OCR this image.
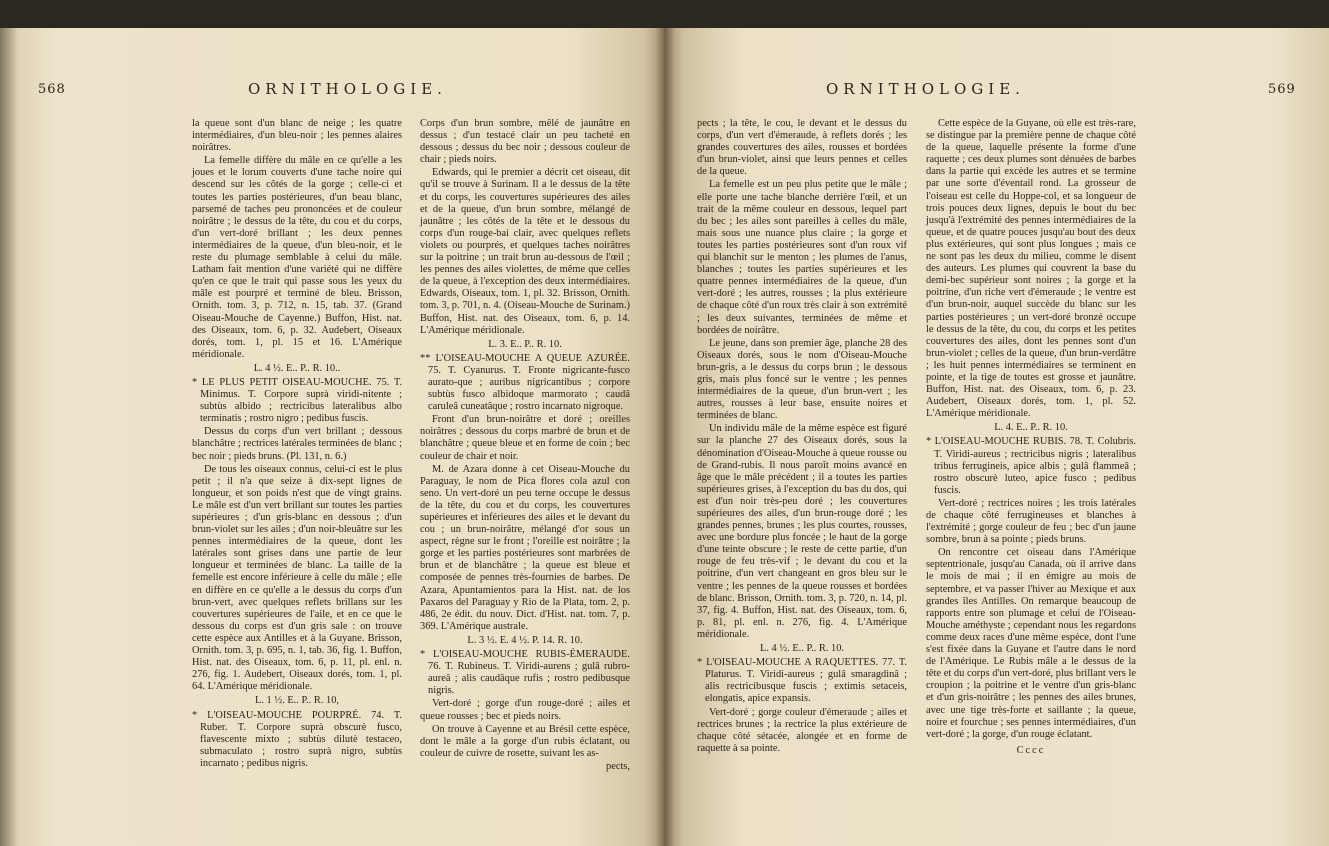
568	ORNITHOLOGIE.

la queue sont d'un blanc de neige ; les quatre intermédiaires, d'un bleu-noir ; les pennes alaires noirâtres.

La femelle diffère du mâle en ce qu'elle a les joues et le lorum couverts d'une tache noire qui descend sur les côtés de la gorge ; celle-ci et toutes les parties postérieures, d'un beau blanc, parsemé de taches peu prononcées et de couleur noirâtre ; le dessus de la tête, du cou et du corps, d'un vert-doré brillant ; les deux pennes intermédiaires de la queue, d'un bleu-noir, et le reste du plumage semblable à celui du mâle. Latham fait mention d'une variété qui ne diffère qu'en ce que le trait qui passe sous les yeux du mâle est pourpré et terminé de bleu. Brisson, Ornith. tom. 3, p. 712, n. 15, tab. 37. (Grand Oiseau-Mouche de Cayenne.) Buffon, Hist. nat. des Oiseaux, tom. 6, p. 32. Audebert, Oiseaux dorés, tom. 1, pl. 15 et 16. L'Amérique méridionale.

L. 4 ½. E.. P.. R. 10..

* LE PLUS PETIT OISEAU-MOUCHE. 75. T. Minimus. T. Corpore suprà viridi-nitente ; subtùs albido ; rectricibus lateralibus albo terminatis ; rostro nigro ; pedibus fuscis.

Dessus du corps d'un vert brillant ; dessous blanchâtre ; rectrices latérales terminées de blanc ; bec noir ; pieds bruns. (Pl. 131, n. 6.)

De tous les oiseaux connus, celui-ci est le plus petit ; il n'a que seize à dix-sept lignes de longueur, et son poids n'est que de vingt grains. Le mâle est d'un vert brillant sur toutes les parties supérieures ; d'un gris-blanc en dessous ; d'un brun-violet sur les ailes ; d'un noir-bleuâtre sur les pennes intermédiaires de la queue, dont les latérales sont grises dans une partie de leur longueur et terminées de blanc. La taille de la femelle est encore inférieure à celle du mâle ; elle en diffère en ce qu'elle a le dessus du corps d'un brun-vert, avec quelques reflets brillans sur les couvertures supérieures de l'aile, et en ce que le dessous du corps est d'un gris sale : on trouve cette espèce aux Antilles et à la Guyane. Brisson, Ornith. tom. 3, p. 695, n. 1, tab. 36, fig. 1. Buffon, Hist. nat. des Oiseaux, tom. 6, p. 11, pl. enl. n. 276, fig. 1. Audebert, Oiseaux dorés, tom. 1, pl. 64. L'Amérique méridionale.

L. 1 ½. E.. P.. R. 10,

* L'OISEAU-MOUCHE POURPRÉ. 74. T. Ruber. T. Corpore suprà obscurè fusco, flavescente mixto ; subtùs dilutè testaceo, submaculato ; rostro suprà nigro, subtùs incarnato ; pedibus nigris.

Corps d'un brun sombre, mêlé de jaunâtre en dessus ; d'un testacé clair un peu tacheté en dessous ; dessus du bec noir ; dessous couleur de chair ; pieds noirs.

Edwards, qui le premier a décrit cet oiseau, dit qu'il se trouve à Surinam. Il a le dessus de la tête et du corps, les couvertures supérieures des ailes et de la queue, d'un brun sombre, mélangé de jaunâtre ; les côtés de la tête et le dessous du corps d'un rouge-bai clair, avec quelques reflets violets ou pourprés, et quelques taches noirâtres sur la poitrine ; un trait brun au-dessous de l'œil ; les pennes des ailes violettes, de même que celles de la queue, à l'exception des deux intermédiaires. Edwards, Oiseaux, tom. 1, pl. 32. Brisson, Ornith. tom. 3, p. 701, n. 4. (Oiseau-Mouche de Surinam.) Buffon, Hist. nat. des Oiseaux, tom. 6, p. 14. L'Amérique méridionale.

L. 3. E.. P.. R. 10.

** L'OISEAU-MOUCHE A QUEUE AZURÉE. 75. T. Cyanurus. T. Fronte nigricante-fusco aurato-que ; auribus nigricantibus ; corpore subtùs fusco albidoque marmorato ; caudâ caruleâ cuneatâque ; rostro incarnato nigroque.

Front d'un brun-noirâtre et doré ; oreilles noirâtres ; dessous du corps marbré de brun et de blanchâtre ; queue bleue et en forme de coin ; bec couleur de chair et noir.

M. de Azara donne à cet Oiseau-Mouche du Paraguay, le nom de Pica flores cola azul con seno. Un vert-doré un peu terne occupe le dessus de la tête, du cou et du corps, les couvertures supérieures et inférieures des ailes et le devant du cou ; un brun-noirâtre, mélangé d'or sous un aspect, règne sur le front ; l'oreille est noirâtre ; la gorge et les parties postérieures sont marbrées de brun et de blanchâtre ; la queue est bleue et composée de pennes très-fournies de barbes. De Azara, Apuntamientos para la Hist. nat. de los Paxaros del Paraguay y Rio de la Plata, tom. 2, p. 486, 2e édit. du nouv. Dict. d'Hist. nat. tom. 7, p. 369. L'Amérique australe.

L. 3 ½. E. 4 ½. P. 14. R. 10.

* L'OISEAU-MOUCHE RUBIS-ÉMERAUDE. 76. T. Rubineus. T. Viridi-aurens ; gulâ rubro-aureâ ; alis caudâque rufis ; rostro pedibusque nigris.

Vert-doré ; gorge d'un rouge-doré ; ailes et queue rousses ; bec et pieds noirs.

On trouve à Cayenne et au Brésil cette espèce, dont le mâle a la gorge d'un rubis éclatant, ou couleur de cuivre de rosette, suivant les as-

pects,

ORNITHOLOGIE.	569

pects ; la tête, le cou, le devant et le dessus du corps, d'un vert d'émeraude, à reflets dorés ; les grandes couvertures des ailes, rousses et bordées d'un brun-violet, ainsi que leurs pennes et celles de la queue.

La femelle est un peu plus petite que le mâle ; elle porte une tache blanche derrière l'œil, et un trait de la même couleur en dessous, lequel part du bec ; les ailes sont pareilles à celles du mâle, mais sous une nuance plus claire ; la gorge et toutes les parties postérieures sont d'un roux vif qui blanchit sur le menton ; les plumes de l'anus, blanches ; toutes les parties supérieures et les quatre pennes intermédiaires de la queue, d'un vert-doré ; les autres, rousses ; la plus extérieure de chaque côté d'un roux très clair à son extrémité ; les deux suivantes, terminées de même et bordées de noirâtre.

Le jeune, dans son premier âge, planche 28 des Oiseaux dorés, sous le nom d'Oiseau-Mouche brun-gris, a le dessus du corps brun ; le dessous gris, mais plus foncé sur le ventre ; les pennes intermédiaires de la queue, d'un brun-vert ; les autres, rousses à leur base, ensuite noires et terminées de blanc.

Un individu mâle de la même espèce est figuré sur la planche 27 des Oiseaux dorés, sous la dénomination d'Oiseau-Mouche à queue rousse ou de Grand-rubis. Il nous paroît moins avancé en âge que le mâle précédent ; il a toutes les parties supérieures grises, à l'exception du bas du dos, qui est d'un noir très-peu doré ; les couvertures supérieures des ailes, d'un brun-rouge doré ; les grandes pennes, brunes ; les plus courtes, rousses, avec une bordure plus foncée ; le haut de la gorge d'une teinte obscure ; le reste de cette partie, d'un rouge de feu très-vif ; le devant du cou et la poitrine, d'un vert changeant en gros bleu sur le ventre ; les pennes de la queue rousses et bordées de blanc. Brisson, Ornith. tom. 3, p. 720, n. 14, pl. 37, fig. 4. Buffon, Hist. nat. des Oiseaux, tom. 6, p. 81, pl. enl. n. 276, fig. 4. L'Amérique méridionale.

L. 4 ½. E.. P.. R. 10.

* L'OISEAU-MOUCHE A RAQUETTES. 77. T. Platurus. T. Viridi-aureus ; gulâ smaragdinâ ; alis rectricibusque fuscis ; extimis setaceis, elongatis, apice expansis.

Vert-doré ; gorge couleur d'émeraude ; ailes et rectrices brunes ; la rectrice la plus extérieure de chaque côté sétacée, alongée et en forme de raquette à sa pointe.

Cette espèce de la Guyane, où elle est très-rare, se distingue par la première penne de chaque côté de la queue, laquelle présente la forme d'une raquette ; ces deux plumes sont dénuées de barbes dans la partie qui excède les autres et se termine par une sorte d'éventail rond. La grosseur de l'oiseau est celle du Hoppe-col, et sa longueur de trois pouces deux lignes, depuis le bout du bec jusqu'à l'extrémité des pennes intermédiaires de la queue, et de quatre pouces jusqu'au bout des deux plus extérieures, qui sont plus longues ; mais ce ne sont pas les deux du milieu, comme le disent des auteurs. Les plumes qui couvrent la base du demi-bec supérieur sont noires ; la gorge et la poitrine, d'un riche vert d'émeraude ; le ventre est d'un brun-noir, auquel succède du blanc sur les parties postérieures ; un vert-doré bronzé occupe le dessus de la tête, du cou, du corps et les petites couvertures des ailes, dont les pennes sont d'un brun-violet ; celles de la queue, d'un brun-verdâtre ; les huit pennes intermédiaires se terminent en pointe, et la tige de toutes est grosse et jaunâtre. Buffon, Hist. nat. des Oiseaux, tom. 6, p. 23. Audebert, Oiseaux dorés, tom. 1, pl. 52. L'Amérique méridionale.

L. 4. E.. P.. R. 10.

* L'OISEAU-MOUCHE RUBIS. 78. T. Colubris. T. Viridi-aureus ; rectricibus nigris ; lateralibus tribus ferrugineis, apice albis ; gulâ flammeâ ; rostro obscurè luteo, apice fusco ; pedibus fuscis.

Vert-doré ; rectrices noires ; les trois latérales de chaque côté ferrugineuses et blanches à l'extrémité ; gorge couleur de feu ; bec d'un jaune sombre, brun à sa pointe ; pieds bruns.

On rencontre cet oiseau dans l'Amérique septentrionale, jusqu'au Canada, où il arrive dans le mois de mai ; il en émigre au mois de septembre, et va passer l'hiver au Mexique et aux grandes îles Antilles. On remarque beaucoup de rapports entre son plumage et celui de l'Oiseau-Mouche améthyste ; cependant nous les regardons comme deux races d'une même espèce, dont l'une s'est fixée dans la Guyane et l'autre dans le nord de l'Amérique. Le Rubis mâle a le dessus de la tête et du corps d'un vert-doré, plus brillant vers le croupion ; la poitrine et le ventre d'un gris-blanc et d'un gris-noirâtre ; les pennes des ailes brunes, avec une tige très-forte et saillante ; la queue, noire et fourchue ; ses pennes intermédiaires, d'un vert-doré ; la gorge, d'un rouge éclatant.

Cccc
